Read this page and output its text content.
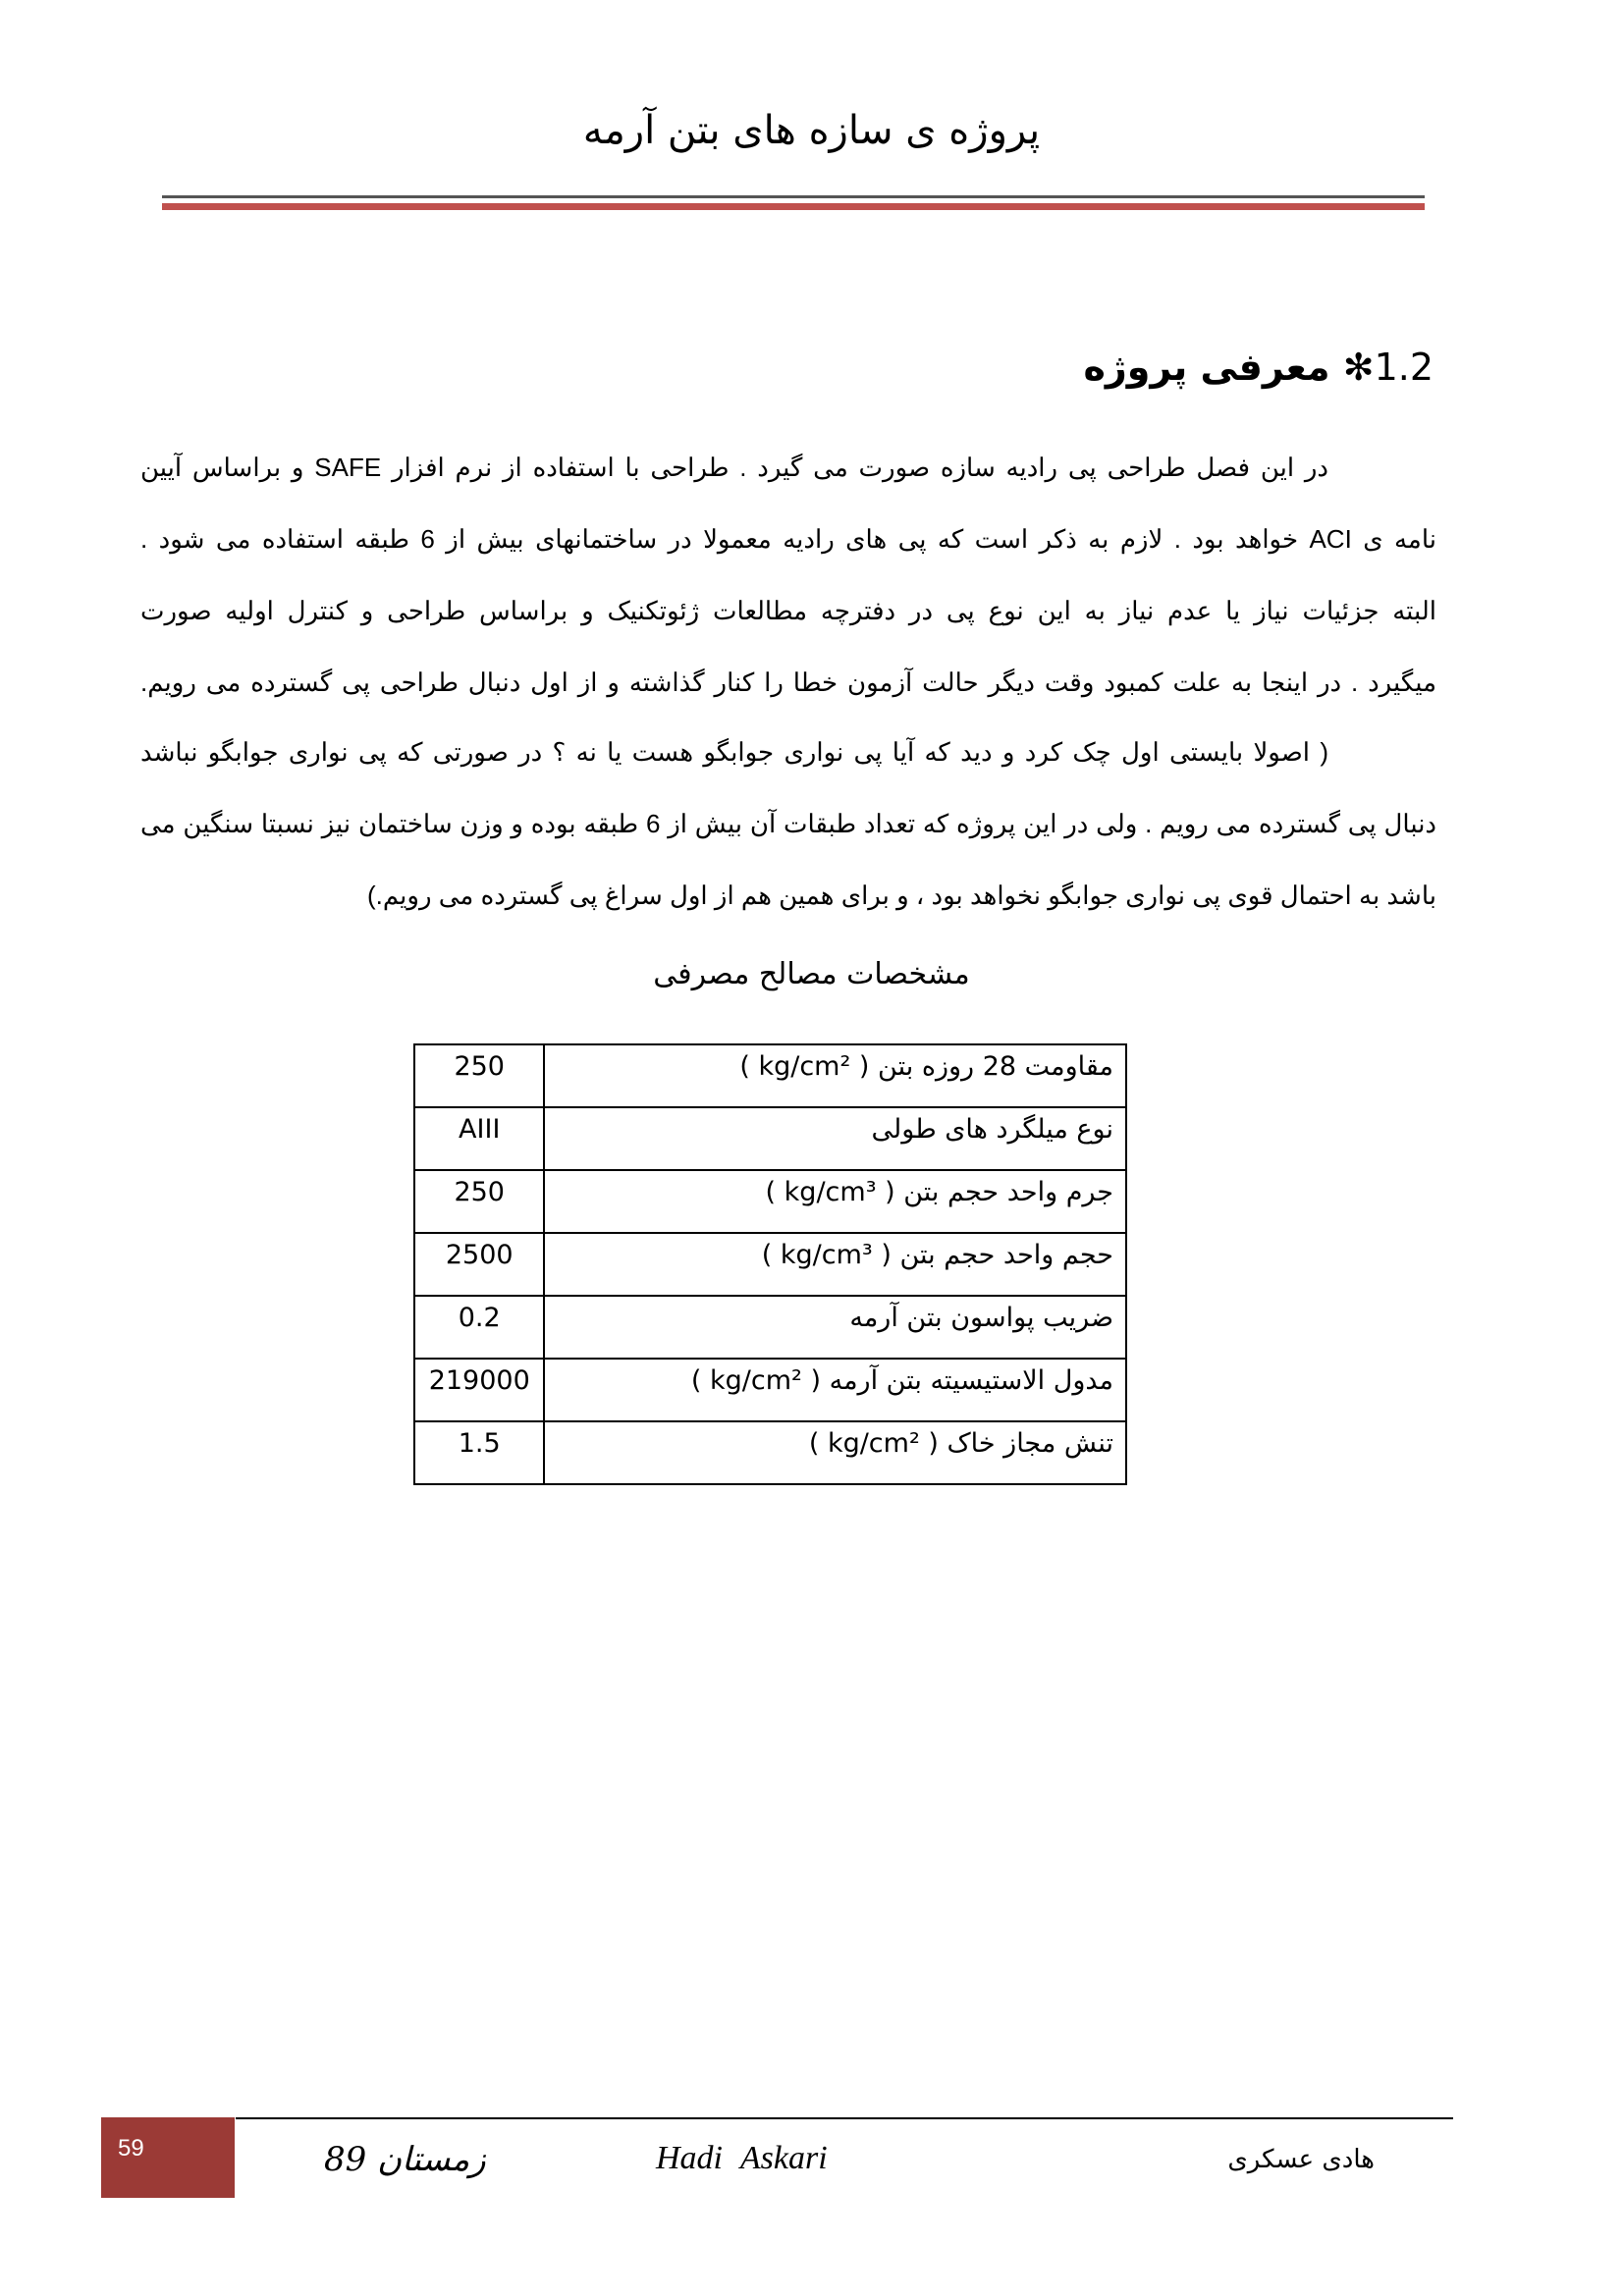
پروژه ی سازه های بتن آرمه
1.2✻ معرفی پروژه
در این فصل طراحی پی رادیه سازه صورت می گیرد . طراحی با استفاده از نرم افزار SAFE و براساس آیین
نامه ی ACI خواهد بود . لازم به ذکر است که پی های رادیه معمولا در ساختمانهای بیش از 6 طبقه استفاده می شود .
البته جزئیات نیاز یا عدم نیاز به این نوع پی در دفترچه مطالعات ژئوتکنیک و براساس طراحی و کنترل اولیه صورت
میگیرد . در اینجا به علت کمبود وقت دیگر حالت آزمون خطا را کنار گذاشته و از اول دنبال طراحی پی گسترده می رویم.
( اصولا بایستی اول چک کرد و دید که آیا پی نواری جوابگو هست یا نه ؟ در صورتی که پی نواری جوابگو نباشد
دنبال پی گسترده می رویم . ولی در این پروژه که تعداد طبقات آن بیش از 6 طبقه بوده و وزن ساختمان نیز نسبتا سنگین می
باشد به احتمال قوی پی نواری جوابگو نخواهد بود ، و برای همین هم از اول سراغ پی گسترده می رویم.)
مشخصات مصالح مصرفی
250	مقاومت 28 روزه بتن ( kg/cm² )
AIII	نوع میلگرد های طولی
250	جرم واحد حجم بتن ( kg/cm³ )
2500	حجم واحد حجم بتن ( kg/cm³ )
0.2	ضریب پواسون بتن آرمه
219000	مدول الاستیسیته بتن آرمه ( kg/cm² )
1.5	تنش مجاز خاک ( kg/cm² )
59	زمستان 89	Hadi Askari	هادی عسکری
